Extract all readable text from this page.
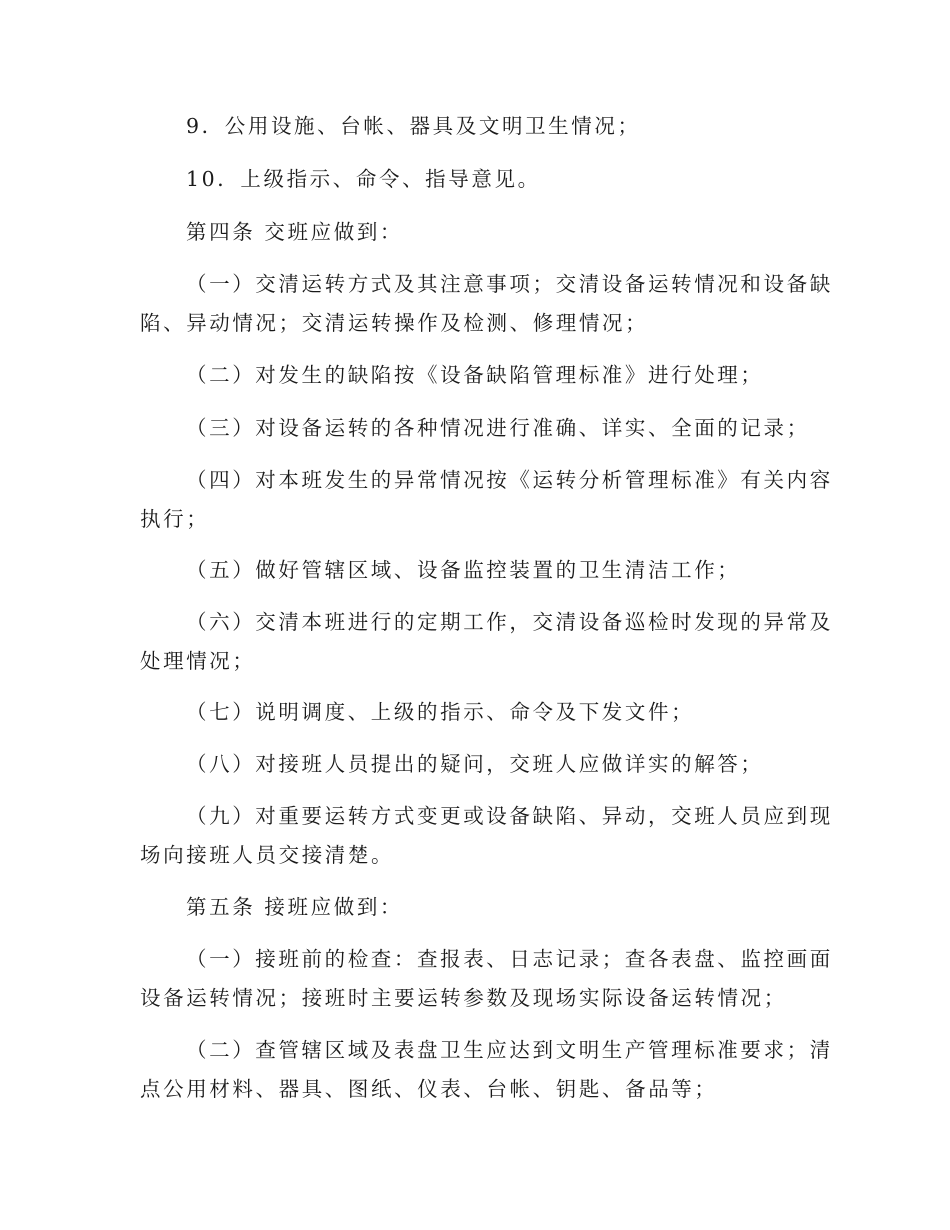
9．公用设施、台帐、器具及文明卫生情况；
10．上级指示、命令、指导意见。
第四条 交班应做到：
（一）交清运转方式及其注意事项；交清设备运转情况和设备缺
陷、异动情况；交清运转操作及检测、修理情况；
（二）对发生的缺陷按《设备缺陷管理标准》进行处理；
（三）对设备运转的各种情况进行准确、详实、全面的记录；
（四）对本班发生的异常情况按《运转分析管理标准》有关内容
执行；
（五）做好管辖区域、设备监控装置的卫生清洁工作；
（六）交清本班进行的定期工作，交清设备巡检时发现的异常及
处理情况；
（七）说明调度、上级的指示、命令及下发文件；
（八）对接班人员提出的疑问，交班人应做详实的解答；
（九）对重要运转方式变更或设备缺陷、异动，交班人员应到现
场向接班人员交接清楚。
第五条 接班应做到：
（一）接班前的检查：查报表、日志记录；查各表盘、监控画面
设备运转情况；接班时主要运转参数及现场实际设备运转情况；
（二）查管辖区域及表盘卫生应达到文明生产管理标准要求；清
点公用材料、器具、图纸、仪表、台帐、钥匙、备品等；
